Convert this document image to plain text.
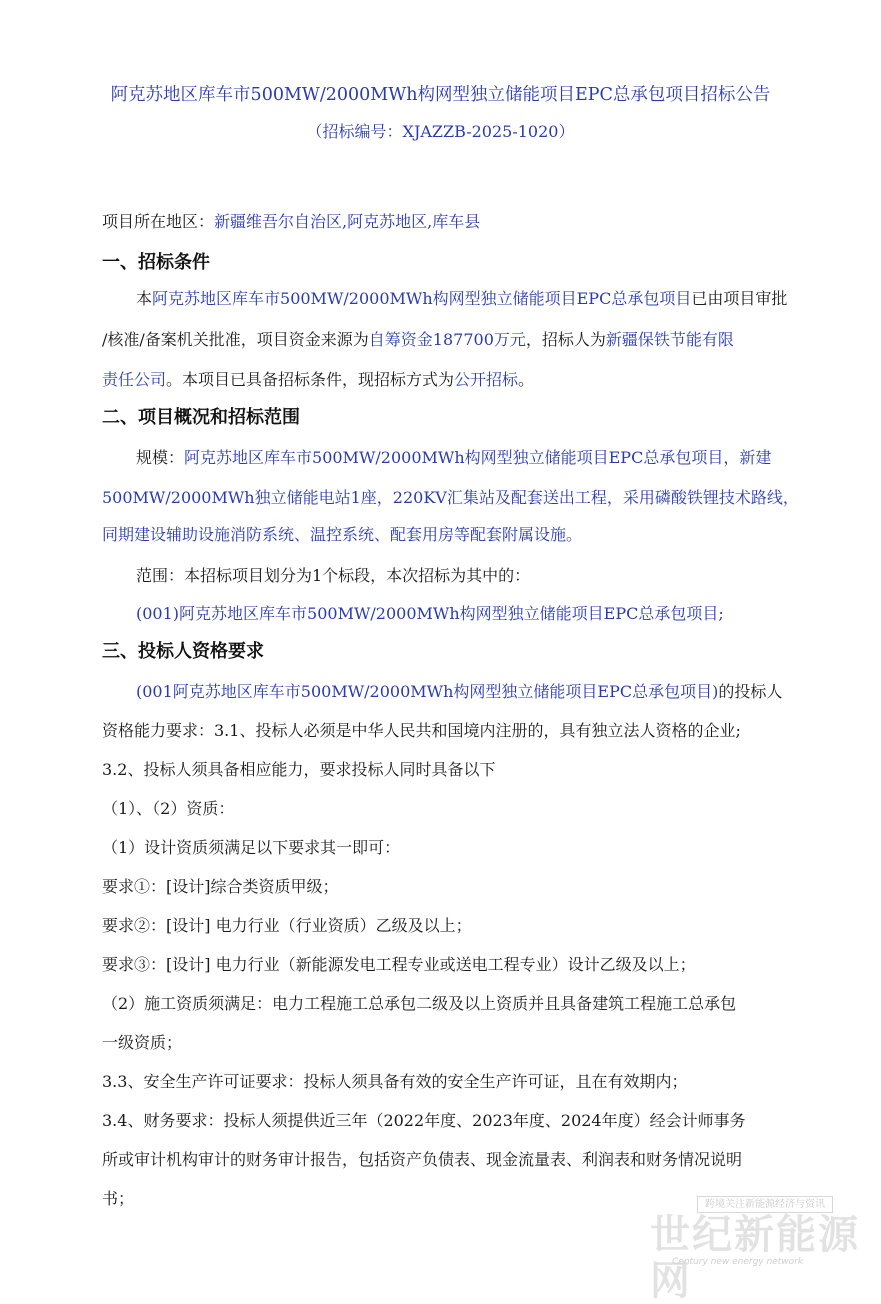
阿克苏地区库车市500MW/2000MWh构网型独立储能项目EPC总承包项目招标公告
（招标编号：XJAZZB-2025-1020）
项目所在地区：新疆维吾尔自治区,阿克苏地区,库车县
一、招标条件
本阿克苏地区库车市500MW/2000MWh构网型独立储能项目EPC总承包项目已由项目审批
/核准/备案机关批准，项目资金来源为自筹资金187700万元，招标人为新疆保铁节能有限
责任公司。本项目已具备招标条件，现招标方式为公开招标。
二、项目概况和招标范围
规模：阿克苏地区库车市500MW/2000MWh构网型独立储能项目EPC总承包项目，新建
500MW/2000MWh独立储能电站1座，220KV汇集站及配套送出工程，采用磷酸铁锂技术路线，
同期建设辅助设施消防系统、温控系统、配套用房等配套附属设施。
范围：本招标项目划分为1个标段，本次招标为其中的：
(001)阿克苏地区库车市500MW/2000MWh构网型独立储能项目EPC总承包项目;
三、投标人资格要求
(001阿克苏地区库车市500MW/2000MWh构网型独立储能项目EPC总承包项目)的投标人
资格能力要求：3.1、投标人必须是中华人民共和国境内注册的，具有独立法人资格的企业;
3.2、投标人须具备相应能力，要求投标人同时具备以下
（1）、（2）资质：
（1）设计资质须满足以下要求其一即可：
要求①：[设计]综合类资质甲级；
要求②：[设计] 电力行业（行业资质）乙级及以上；
要求③：[设计] 电力行业（新能源发电工程专业或送电工程专业）设计乙级及以上；
（2）施工资质须满足：电力工程施工总承包二级及以上资质并且具备建筑工程施工总承包
一级资质；
3.3、安全生产许可证要求：投标人须具备有效的安全生产许可证，且在有效期内；
3.4、财务要求：投标人须提供近三年（2022年度、2023年度、2024年度）经会计师事务
所或审计机构审计的财务审计报告，包括资产负债表、现金流量表、利润表和财务情况说明
书；	跨境关注新能源经济与资讯
世纪新能源网
Century new energy network
